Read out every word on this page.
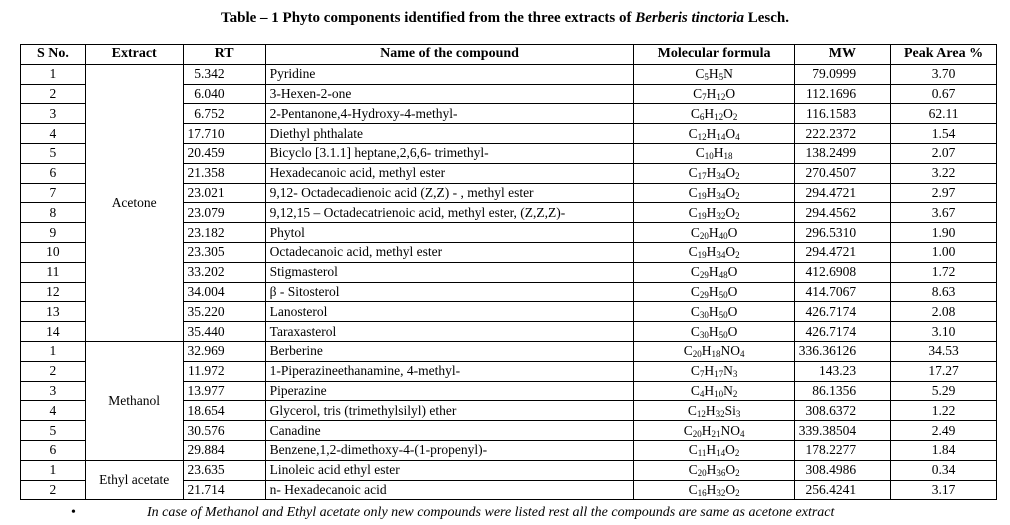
Table – 1 Phyto components identified from the three extracts of Berberis tinctoria Lesch.
S No.	Extract	RT	Name of the compound	Molecular formula	MW	Peak Area %
1	Acetone	5.342	Pyridine	$C_5H_5N$	79.0999	3.70
2		6.040	3-Hexen-2-one	$C_7H_{12}O$	112.1696	0.67
3		6.752	2-Pentanone,4-Hydroxy-4-methyl-	$C_6H_{12}O_2$	116.1583	62.11
4		17.710	Diethyl phthalate	$C_{12}H_{14}O_4$	222.2372	1.54
5		20.459	Bicyclo [3.1.1] heptane,2,6,6- trimethyl-	$C_{10}H_{18}$	138.2499	2.07
6		21.358	Hexadecanoic acid, methyl ester	$C_{17}H_{34}O_2$	270.4507	3.22
7		23.021	9,12- Octadecadienoic acid (Z,Z) - , methyl ester	$C_{19}H_{34}O_2$	294.4721	2.97
8		23.079	9,12,15 – Octadecatrienoic acid, methyl ester, (Z,Z,Z)-	$C_{19}H_{32}O_2$	294.4562	3.67
9		23.182	Phytol	$C_{20}H_{40}O$	296.5310	1.90
10		23.305	Octadecanoic acid, methyl ester	$C_{19}H_{34}O_2$	294.4721	1.00
11		33.202	Stigmasterol	$C_{29}H_{48}O$	412.6908	1.72
12		34.004	β - Sitosterol	$C_{29}H_{50}O$	414.7067	8.63
13		35.220	Lanosterol	$C_{30}H_{50}O$	426.7174	2.08
14		35.440	Taraxasterol	$C_{30}H_{50}O$	426.7174	3.10
1	Methanol	32.969	Berberine	$C_{20}H_{18}NO_4$	336.36126	34.53
2		11.972	1-Piperazineethanamine, 4-methyl-	$C_7H_{17}N_3$	143.23	17.27
3		13.977	Piperazine	$C_4H_{10}N_2$	86.1356	5.29
4		18.654	Glycerol, tris (trimethylsilyl) ether	$C_{12}H_{32}Si_3$	308.6372	1.22
5		30.576	Canadine	$C_{20}H_{21}NO_4$	339.38504	2.49
6		29.884	Benzene,1,2-dimethoxy-4-(1-propenyl)-	$C_{11}H_{14}O_2$	178.2277	1.84
1	Ethyl acetate	23.635	Linoleic acid ethyl ester	$C_{20}H_{36}O_2$	308.4986	0.34
2		21.714	n- Hexadecanoic acid	$C_{16}H_{32}O_2$	256.4241	3.17
•	In case of Methanol and Ethyl acetate only new compounds were listed rest all the compounds are same as acetone extract
